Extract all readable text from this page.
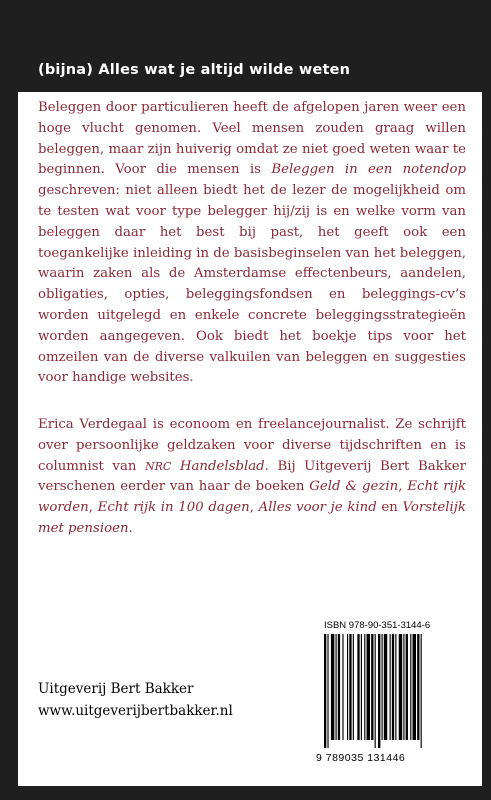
(bijna) Alles wat je altijd wilde weten

Beleggen door particulieren heeft de afgelopen jaren weer een hoge vlucht genomen. Veel mensen zouden graag willen beleggen, maar zijn huiverig omdat ze niet goed weten waar te beginnen. Voor die mensen is Beleggen in een notendop geschreven: niet alleen biedt het de lezer de mogelijkheid om te testen wat voor type belegger hij/zij is en welke vorm van beleggen daar het best bij past, het geeft ook een toegankelijke inleiding in de basisbeginselen van het beleggen, waarin zaken als de Amsterdamse effectenbeurs, aandelen, obligaties, opties, beleggingsfondsen en beleggings-cv’s worden uitgelegd en enkele concrete beleggingsstrategieën worden aangegeven. Ook biedt het boekje tips voor het omzeilen van de diverse valkuilen van beleggen en suggesties voor handige websites.

Erica Verdegaal is econoom en freelancejournalist. Ze schrijft over persoonlijke geldzaken voor diverse tijdschriften en is columnist van NRC Handelsblad. Bij Uitgeverij Bert Bakker verschenen eerder van haar de boeken Geld & gezin, Echt rijk worden, Echt rijk in 100 dagen, Alles voor je kind en Vorstelijk met pensioen.

Uitgeverij Bert Bakker
www.uitgeverijbertbakker.nl
ISBN 978-90-351-3144-6
9 789035 131446
